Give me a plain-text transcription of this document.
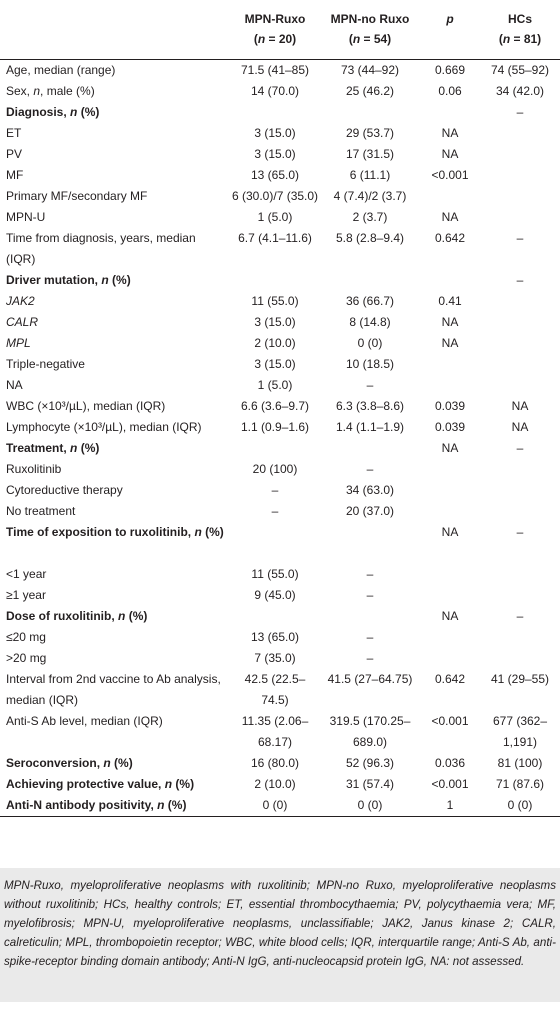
	MPN-Ruxo	MPN-no Ruxo	p	HCs
	(n = 20)	(n = 54)		(n = 81)
Age, median (range)	71.5 (41–85)	73 (44–92)	0.669	74 (55–92)
Sex, n, male (%)	14 (70.0)	25 (46.2)	0.06	34 (42.0)
Diagnosis, n (%)				–
ET	3 (15.0)	29 (53.7)	NA	
PV	3 (15.0)	17 (31.5)	NA	
MF	13 (65.0)	6 (11.1)	<0.001	
Primary MF/secondary MF	6 (30.0)/7 (35.0)	4 (7.4)/2 (3.7)		
MPN-U	1 (5.0)	2 (3.7)	NA	
Time from diagnosis, years, median (IQR)	6.7 (4.1–11.6)	5.8 (2.8–9.4)	0.642	–
Driver mutation, n (%)				–
JAK2	11 (55.0)	36 (66.7)	0.41	
CALR	3 (15.0)	8 (14.8)	NA	
MPL	2 (10.0)	0 (0)	NA	
Triple-negative	3 (15.0)	10 (18.5)		
NA	1 (5.0)	–		
WBC (×10³/µL), median (IQR)	6.6 (3.6–9.7)	6.3 (3.8–8.6)	0.039	NA
Lymphocyte (×10³/µL), median (IQR)	1.1 (0.9–1.6)	1.4 (1.1–1.9)	0.039	NA
Treatment, n (%)			NA	–
Ruxolitinib	20 (100)	–		
Cytoreductive therapy	–	34 (63.0)		
No treatment	–	20 (37.0)		
Time of exposition to ruxolitinib, n (%)			NA	–
<1 year	11 (55.0)	–		
≥1 year	9 (45.0)	–		
Dose of ruxolitinib, n (%)			NA	–
≤20 mg	13 (65.0)	–		
>20 mg	7 (35.0)	–		
Interval from 2nd vaccine to Ab analysis, median (IQR)	42.5 (22.5–74.5)	41.5 (27–64.75)	0.642	41 (29–55)
Anti-S Ab level, median (IQR)	11.35 (2.06–68.17)	319.5 (170.25–689.0)	<0.001	677 (362–1,191)
Seroconversion, n (%)	16 (80.0)	52 (96.3)	0.036	81 (100)
Achieving protective value, n (%)	2 (10.0)	31 (57.4)	<0.001	71 (87.6)
Anti-N antibody positivity, n (%)	0 (0)	0 (0)	1	0 (0)

MPN-Ruxo, myeloproliferative neoplasms with ruxolitinib; MPN-no Ruxo, myeloproliferative neoplasms without ruxolitinib; HCs, healthy controls; ET, essential thrombocythaemia; PV, polycythaemia vera; MF, myelofibrosis; MPN-U, myeloproliferative neoplasms, unclassifiable; JAK2, Janus kinase 2; CALR, calreticulin; MPL, thrombopoietin receptor; WBC, white blood cells; IQR, interquartile range; Anti-S Ab, anti-spike-receptor binding domain antibody; Anti-N IgG, anti-nucleocapsid protein IgG, NA: not assessed.
